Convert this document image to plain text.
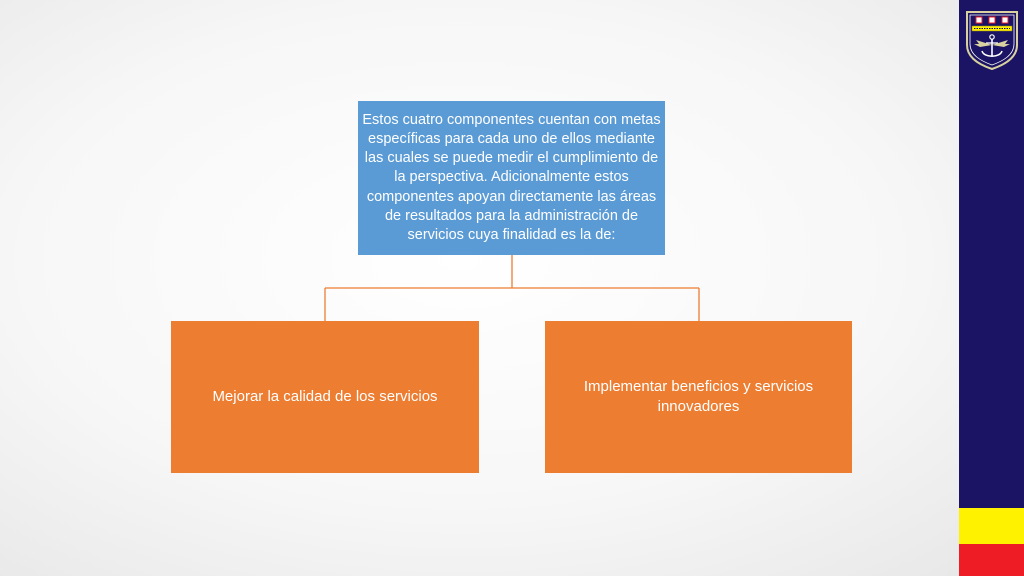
Estos cuatro componentes cuentan con metas específicas para cada uno de ellos mediante las cuales se puede medir el cumplimiento de la perspectiva. Adicionalmente estos componentes apoyan directamente las áreas de resultados para la administración de servicios cuya finalidad es la de:
Mejorar la calidad de los servicios
Implementar beneficios y servicios innovadores
